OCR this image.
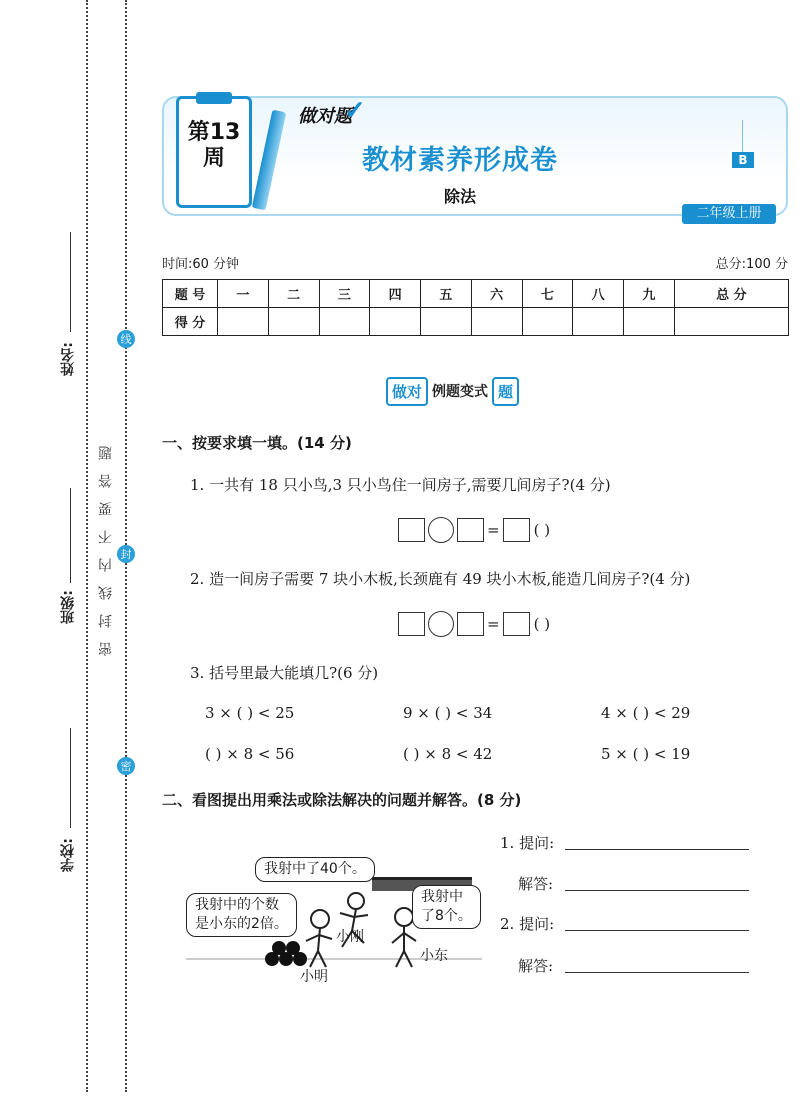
姓名:
班级:
学校:
密封线内不要答题
线
封
密
第13周
做对题
✓
教材素养形成卷
除法
B
二年级上册
时间:60 分钟	总分:100 分
题 号	一	二	三	四	五	六	七	八	九	总 分
得 分										
做对 例题变式 题
一、按要求填一填。(14 分)
1. 一共有 18 只小鸟,3 只小鸟住一间房子,需要几间房子?(4 分)
= ( )
2. 造一间房子需要 7 块小木板,长颈鹿有 49 块小木板,能造几间房子?(4 分)
= ( )
3. 括号里最大能填几?(6 分)
3 × ( ) < 25	9 × ( ) < 34	4 × ( ) < 29
( ) × 8 < 56	( ) × 8 < 42	5 × ( ) < 19
二、看图提出用乘法或除法解决的问题并解答。(8 分)
1. 提问:
解答:
2. 提问:
解答:
我射中了40个。
我射中的个数
是小东的2倍。
我射中
了8个。
小刚
小东
小明
